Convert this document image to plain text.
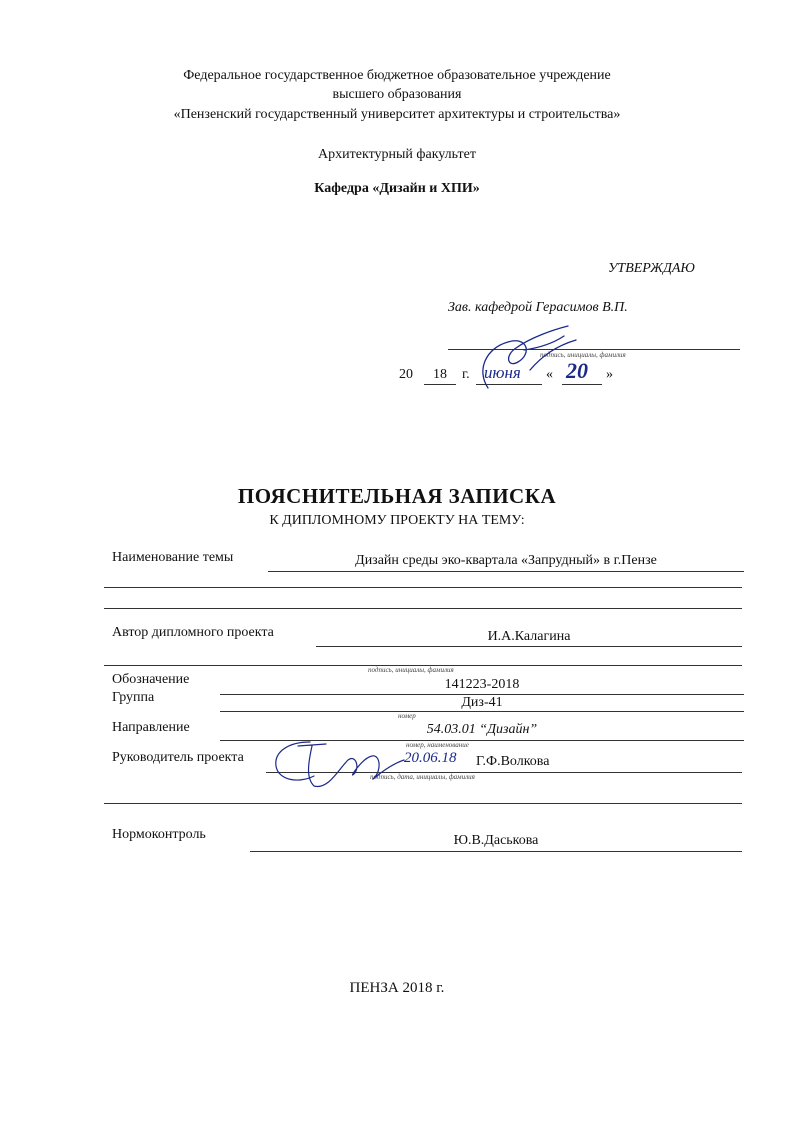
Федеральное государственное бюджетное образовательное учреждение
высшего образования
«Пензенский государственный университет архитектуры и строительства»
Архитектурный факультет
Кафедра «Дизайн и ХПИ»
УТВЕРЖДАЮ
Зав. кафедрой Герасимов В.П.
подпись, инициалы, фамилия
20	18	г.	«	»
июня 20
ПОЯСНИТЕЛЬНАЯ ЗАПИСКА
К ДИПЛОМНОМУ ПРОЕКТУ НА ТЕМУ:
Наименование темы	Дизайн среды эко-квартала «Запрудный» в г.Пензе
Автор дипломного проекта	И.А.Калагина
подпись, инициалы, фамилия
Обозначение	141223-2018
Группа	Диз-41
номер
Направление	54.03.01 “Дизайн”
номер, наименование
Руководитель проекта	20.06.18 Г.Ф.Волкова
подпись, дата, инициалы, фамилия
Нормоконтроль	Ю.В.Даськова
ПЕНЗА 2018 г.
